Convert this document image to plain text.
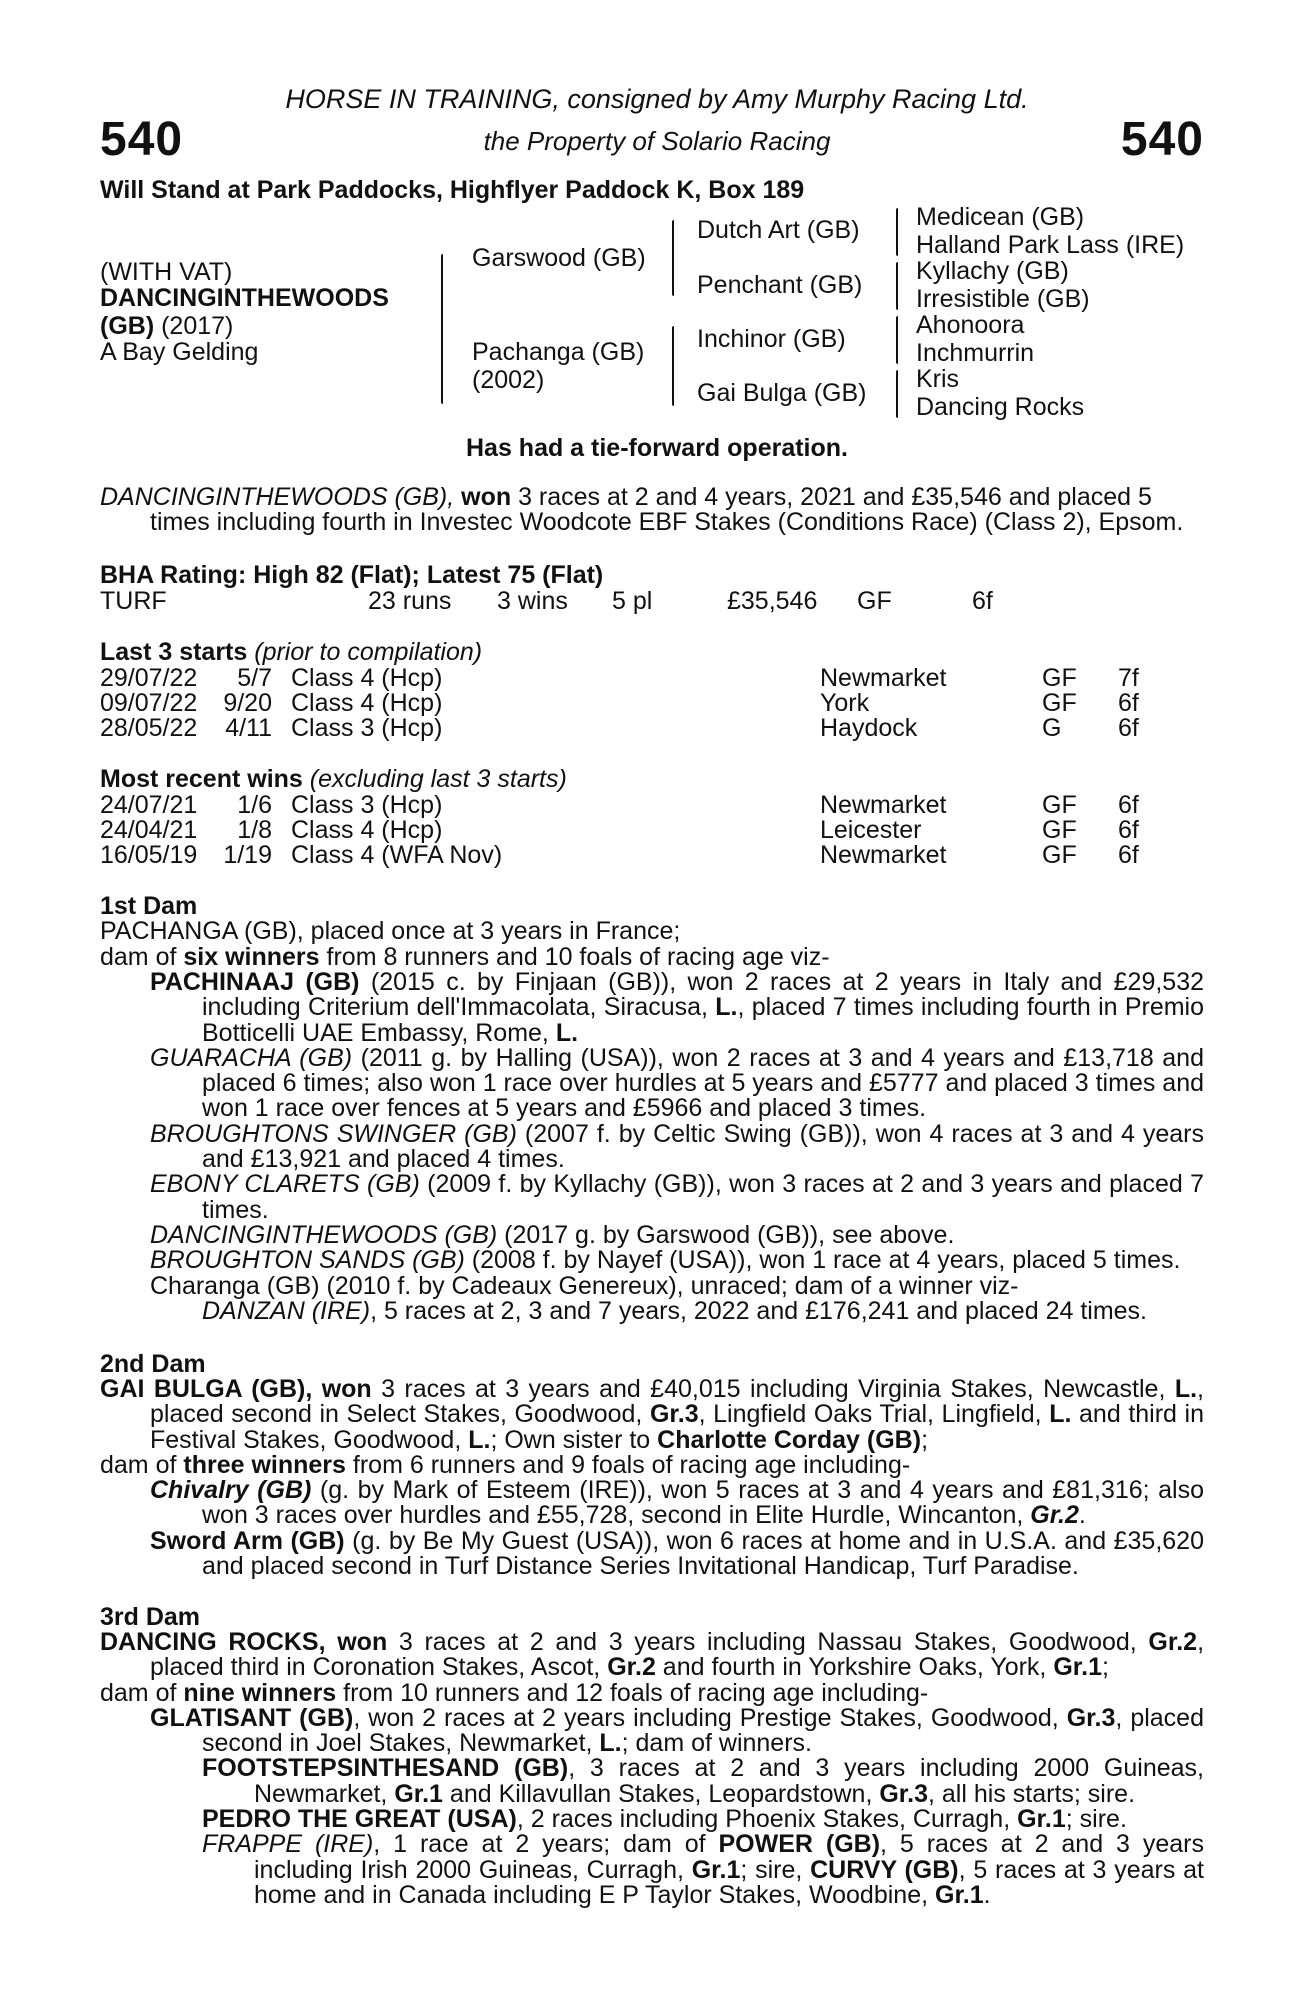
540	540
HORSE IN TRAINING, consigned by Amy Murphy Racing Ltd.
the Property of Solario Racing
Will Stand at Park Paddocks, Highflyer Paddock K, Box 189
(WITH VAT)
DANCINGINTHEWOODS
(GB) (2017)
A Bay Gelding
Garswood (GB)
Pachanga (GB)
(2002)
Dutch Art (GB)
Penchant (GB)
Inchinor (GB)
Gai Bulga (GB)
Medicean (GB)
Halland Park Lass (IRE)
Kyllachy (GB)
Irresistible (GB)
Ahonoora
Inchmurrin
Kris
Dancing Rocks
Has had a tie-forward operation.
DANCINGINTHEWOODS (GB), won 3 races at 2 and 4 years, 2021 and £35,546 and placed 5
times including fourth in Investec Woodcote EBF Stakes (Conditions Race) (Class 2), Epsom.
BHA Rating: High 82 (Flat); Latest 75 (Flat)
TURF	23 runs 3 wins 5 pl	£35,546 GF	6f
Last 3 starts (prior to compilation)
29/07/22 5/7 Class 4 (Hcp)	Newmarket	GF 7f
09/07/22	9/20 Class 4 (Hcp)	York	GF 6f
28/05/22	4/11 Class 3 (Hcp)	Haydock	G 6f
Most recent wins (excluding last 3 starts)
24/07/21	1/6 Class 3 (Hcp)	Newmarket	GF 6f
24/04/21	1/8 Class 4 (Hcp)	Leicester	GF 6f
16/05/19	1/19 Class 4 (WFA Nov)	Newmarket	GF 6f
1st Dam
PACHANGA (GB), placed once at 3 years in France;
dam of six winners from 8 runners and 10 foals of racing age viz-

PACHINAAJ (GB) (2015 c. by Finjaan (GB)), won 2 races at 2 years in Italy and £29,532 including Criterium dell'Immacolata, Siracusa, L., placed 7 times including fourth in Premio Botticelli UAE Embassy, Rome, L.

GUARACHA (GB) (2011 g. by Halling (USA)), won 2 races at 3 and 4 years and £13,718 and placed 6 times; also won 1 race over hurdles at 5 years and £5777 and placed 3 times and won 1 race over fences at 5 years and £5966 and placed 3 times.

BROUGHTONS SWINGER (GB) (2007 f. by Celtic Swing (GB)), won 4 races at 3 and 4 years and £13,921 and placed 4 times.

EBONY CLARETS (GB) (2009 f. by Kyllachy (GB)), won 3 races at 2 and 3 years and placed 7 times.

DANCINGINTHEWOODS (GB) (2017 g. by Garswood (GB)), see above.

BROUGHTON SANDS (GB) (2008 f. by Nayef (USA)), won 1 race at 4 years, placed 5 times.

Charanga (GB) (2010 f. by Cadeaux Genereux), unraced; dam of a winner viz-

DANZAN (IRE), 5 races at 2, 3 and 7 years, 2022 and £176,241 and placed 24 times.

2nd Dam

GAI BULGA (GB), won 3 races at 3 years and £40,015 including Virginia Stakes, Newcastle, L., placed second in Select Stakes, Goodwood, Gr.3, Lingfield Oaks Trial, Lingfield, L. and third in Festival Stakes, Goodwood, L.; Own sister to Charlotte Corday (GB);

dam of three winners from 6 runners and 9 foals of racing age including-

Chivalry (GB) (g. by Mark of Esteem (IRE)), won 5 races at 3 and 4 years and £81,316; also won 3 races over hurdles and £55,728, second in Elite Hurdle, Wincanton, Gr.2.

Sword Arm (GB) (g. by Be My Guest (USA)), won 6 races at home and in U.S.A. and £35,620 and placed second in Turf Distance Series Invitational Handicap, Turf Paradise.

3rd Dam

DANCING ROCKS, won 3 races at 2 and 3 years including Nassau Stakes, Goodwood, Gr.2, placed third in Coronation Stakes, Ascot, Gr.2 and fourth in Yorkshire Oaks, York, Gr.1;

dam of nine winners from 10 runners and 12 foals of racing age including-

GLATISANT (GB), won 2 races at 2 years including Prestige Stakes, Goodwood, Gr.3, placed second in Joel Stakes, Newmarket, L.; dam of winners.

FOOTSTEPSINTHESAND (GB), 3 races at 2 and 3 years including 2000 Guineas, Newmarket, Gr.1 and Killavullan Stakes, Leopardstown, Gr.3, all his starts; sire.

PEDRO THE GREAT (USA), 2 races including Phoenix Stakes, Curragh, Gr.1; sire.

FRAPPE (IRE), 1 race at 2 years; dam of POWER (GB), 5 races at 2 and 3 years including Irish 2000 Guineas, Curragh, Gr.1; sire, CURVY (GB), 5 races at 3 years at home and in Canada including E P Taylor Stakes, Woodbine, Gr.1.
